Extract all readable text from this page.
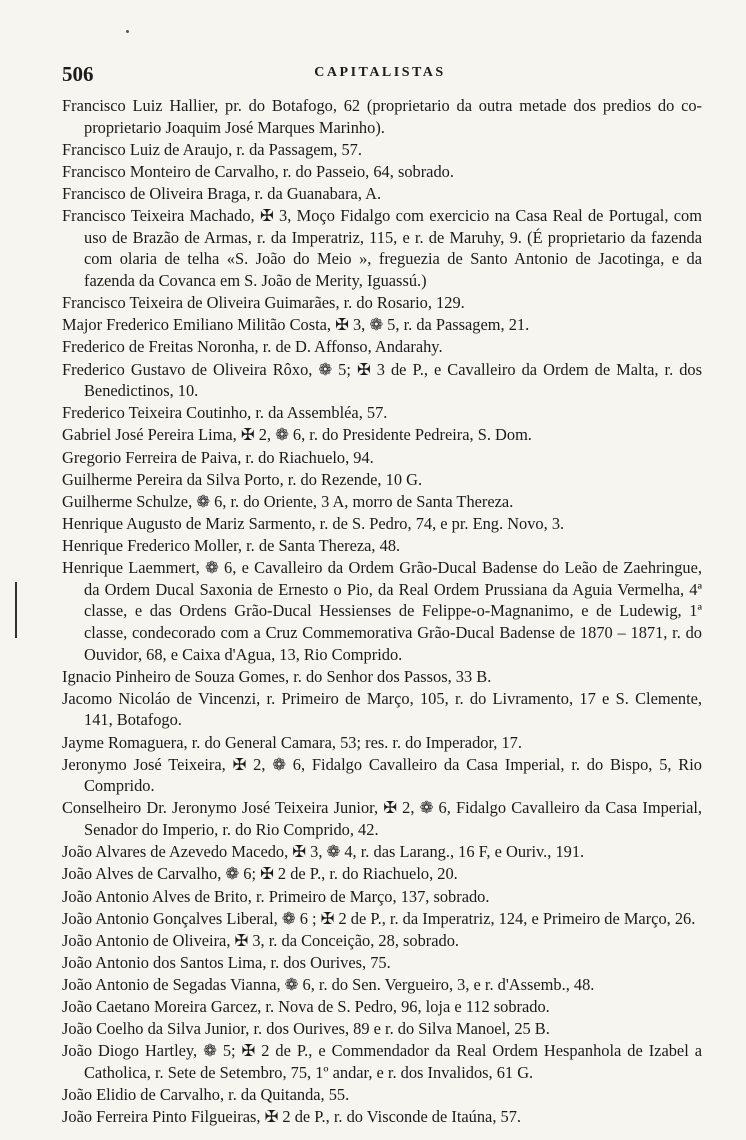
506	CAPITALISTAS

Francisco Luiz Hallier, pr. do Botafogo, 62 (proprietario da outra metade dos predios do co-proprietario Joaquim José Marques Marinho).

Francisco Luiz de Araujo, r. da Passagem, 57.

Francisco Monteiro de Carvalho, r. do Passeio, 64, sobrado.

Francisco de Oliveira Braga, r. da Guanabara, A.

Francisco Teixeira Machado, ✠ 3, Moço Fidalgo com exercicio na Casa Real de Portugal, com uso de Brazão de Armas, r. da Imperatriz, 115, e r. de Maruhy, 9. (É proprietario da fazenda com olaria de telha «S. João do Meio », freguezia de Santo Antonio de Jacotinga, e da fazenda da Covanca em S. João de Merity, Iguassú.)

Francisco Teixeira de Oliveira Guimarães, r. do Rosario, 129.

Major Frederico Emiliano Militão Costa, ✠ 3, ❁ 5, r. da Passagem, 21.

Frederico de Freitas Noronha, r. de D. Affonso, Andarahy.

Frederico Gustavo de Oliveira Rôxo, ❁ 5; ✠ 3 de P., e Cavalleiro da Ordem de Malta, r. dos Benedictinos, 10.

Frederico Teixeira Coutinho, r. da Assembléa, 57.

Gabriel José Pereira Lima, ✠ 2, ❁ 6, r. do Presidente Pedreira, S. Dom.

Gregorio Ferreira de Paiva, r. do Riachuelo, 94.

Guilherme Pereira da Silva Porto, r. do Rezende, 10 G.

Guilherme Schulze, ❁ 6, r. do Oriente, 3 A, morro de Santa Thereza.

Henrique Augusto de Mariz Sarmento, r. de S. Pedro, 74, e pr. Eng. Novo, 3.

Henrique Frederico Moller, r. de Santa Thereza, 48.

Henrique Laemmert, ❁ 6, e Cavalleiro da Ordem Grão-Ducal Badense do Leão de Zaehringue, da Ordem Ducal Saxonia de Ernesto o Pio, da Real Ordem Prussiana da Aguia Vermelha, 4ª classe, e das Ordens Grão-Ducal Hessienses de Felippe-o-Magnanimo, e de Ludewig, 1ª classe, condecorado com a Cruz Commemorativa Grão-Ducal Badense de 1870 – 1871, r. do Ouvidor, 68, e Caixa d'Agua, 13, Rio Comprido.

Ignacio Pinheiro de Souza Gomes, r. do Senhor dos Passos, 33 B.

Jacomo Nicoláo de Vincenzi, r. Primeiro de Março, 105, r. do Livramento, 17 e S. Clemente, 141, Botafogo.

Jayme Romaguera, r. do General Camara, 53; res. r. do Imperador, 17.

Jeronymo José Teixeira, ✠ 2, ❁ 6, Fidalgo Cavalleiro da Casa Imperial, r. do Bispo, 5, Rio Comprido.

Conselheiro Dr. Jeronymo José Teixeira Junior, ✠ 2, ❁ 6, Fidalgo Cavalleiro da Casa Imperial, Senador do Imperio, r. do Rio Comprido, 42.

João Alvares de Azevedo Macedo, ✠ 3, ❁ 4, r. das Larang., 16 F, e Ouriv., 191.

João Alves de Carvalho, ❁ 6; ✠ 2 de P., r. do Riachuelo, 20.

João Antonio Alves de Brito, r. Primeiro de Março, 137, sobrado.

João Antonio Gonçalves Liberal, ❁ 6 ; ✠ 2 de P., r. da Imperatriz, 124, e Primeiro de Março, 26.

João Antonio de Oliveira, ✠ 3, r. da Conceição, 28, sobrado.

João Antonio dos Santos Lima, r. dos Ourives, 75.

João Antonio de Segadas Vianna, ❁ 6, r. do Sen. Vergueiro, 3, e r. d'Assemb., 48.

João Caetano Moreira Garcez, r. Nova de S. Pedro, 96, loja e 112 sobrado.

João Coelho da Silva Junior, r. dos Ourives, 89 e r. do Silva Manoel, 25 B.

João Diogo Hartley, ❁ 5; ✠ 2 de P., e Commendador da Real Ordem Hespanhola de Izabel a Catholica, r. Sete de Setembro, 75, 1º andar, e r. dos Invalidos, 61 G.

João Elidio de Carvalho, r. da Quitanda, 55.

João Ferreira Pinto Filgueiras, ✠ 2 de P., r. do Visconde de Itaúna, 57.
